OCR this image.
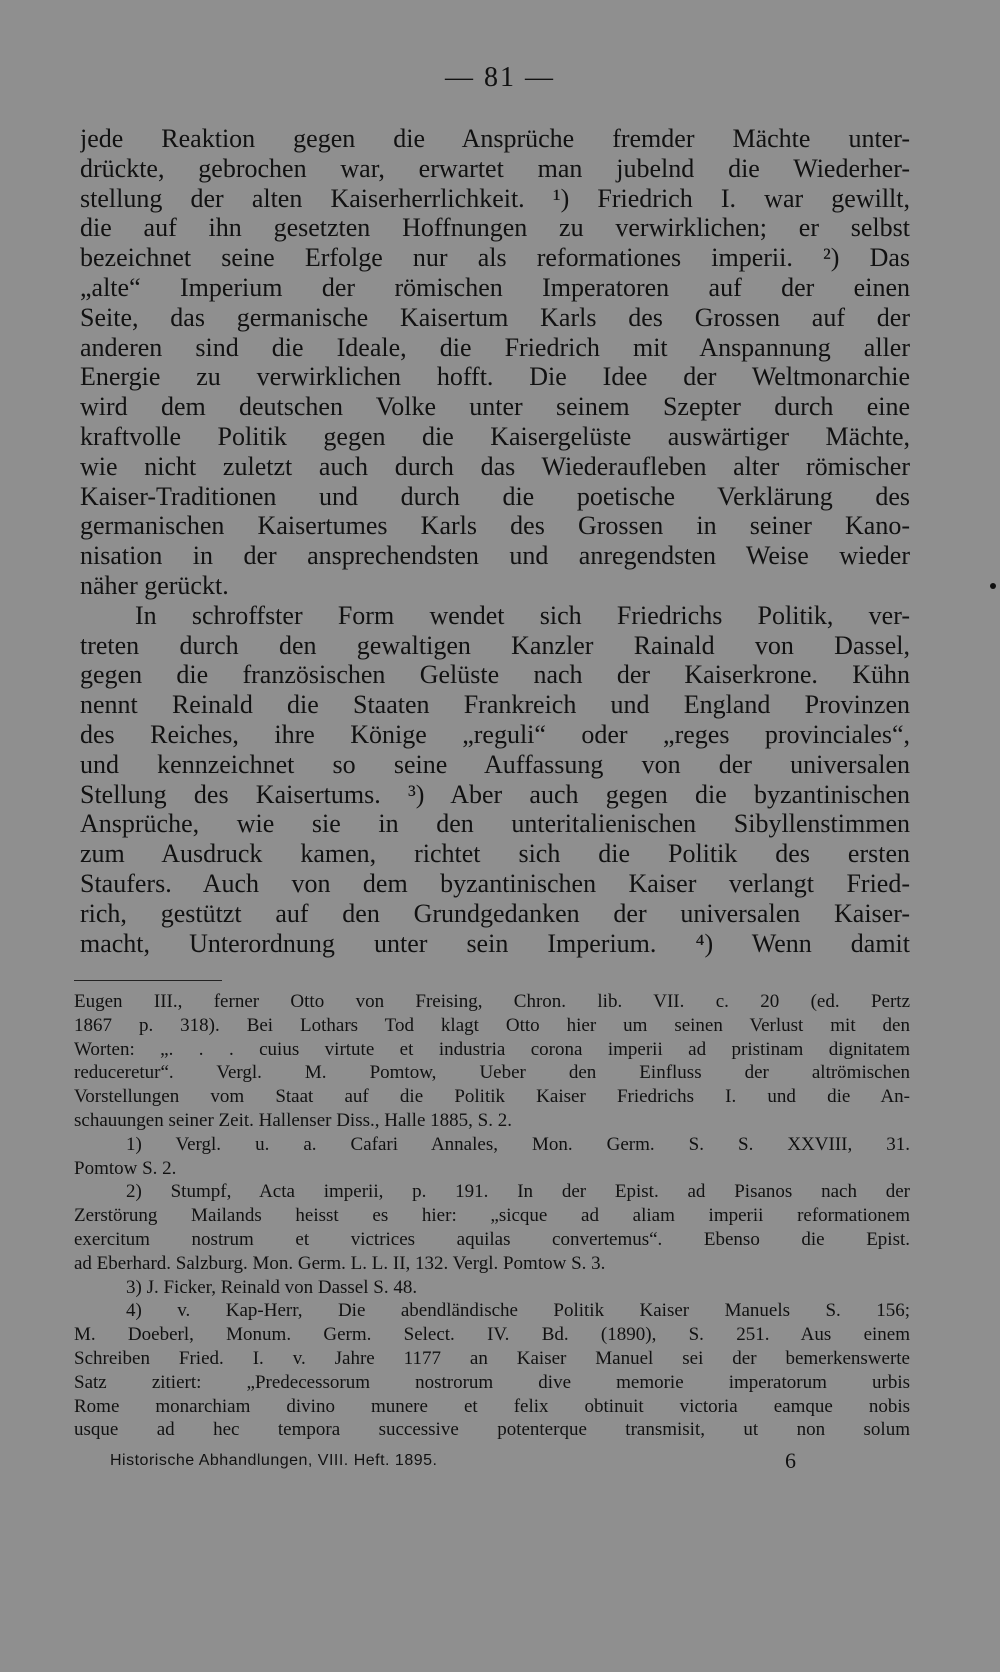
— 81 —
jede Reaktion gegen die Ansprüche fremder Mächte unter-
drückte, gebrochen war, erwartet man jubelnd die Wiederher-
stellung der alten Kaiserherrlichkeit. ¹) Friedrich I. war gewillt,
die auf ihn gesetzten Hoffnungen zu verwirklichen; er selbst
bezeichnet seine Erfolge nur als reformationes imperii. ²) Das
„alte“ Imperium der römischen Imperatoren auf der einen
Seite, das germanische Kaisertum Karls des Grossen auf der
anderen sind die Ideale, die Friedrich mit Anspannung aller
Energie zu verwirklichen hofft. Die Idee der Weltmonarchie
wird dem deutschen Volke unter seinem Szepter durch eine
kraftvolle Politik gegen die Kaisergelüste auswärtiger Mächte,
wie nicht zuletzt auch durch das Wiederaufleben alter römischer
Kaiser-Traditionen und durch die poetische Verklärung des
germanischen Kaisertumes Karls des Grossen in seiner Kano-
nisation in der ansprechendsten und anregendsten Weise wieder
näher gerückt.
In schroffster Form wendet sich Friedrichs Politik, ver-
treten durch den gewaltigen Kanzler Rainald von Dassel,
gegen die französischen Gelüste nach der Kaiserkrone. Kühn
nennt Reinald die Staaten Frankreich und England Provinzen
des Reiches, ihre Könige „reguli“ oder „reges provinciales“,
und kennzeichnet so seine Auffassung von der universalen
Stellung des Kaisertums. ³) Aber auch gegen die byzantinischen
Ansprüche, wie sie in den unteritalienischen Sibyllenstimmen
zum Ausdruck kamen, richtet sich die Politik des ersten
Staufers. Auch von dem byzantinischen Kaiser verlangt Fried-
rich, gestützt auf den Grundgedanken der universalen Kaiser-
macht, Unterordnung unter sein Imperium. ⁴) Wenn damit
Eugen III., ferner Otto von Freising, Chron. lib. VII. c. 20 (ed. Pertz
1867 p. 318). Bei Lothars Tod klagt Otto hier um seinen Verlust mit den
Worten: „. . . cuius virtute et industria corona imperii ad pristinam dignitatem
reduceretur“. Vergl. M. Pomtow, Ueber den Einfluss der altrömischen
Vorstellungen vom Staat auf die Politik Kaiser Friedrichs I. und die An-
schauungen seiner Zeit. Hallenser Diss., Halle 1885, S. 2.
1) Vergl. u. a. Cafari Annales, Mon. Germ. S. S. XXVIII, 31.
Pomtow S. 2.
2) Stumpf, Acta imperii, p. 191. In der Epist. ad Pisanos nach der
Zerstörung Mailands heisst es hier: „sicque ad aliam imperii reformationem
exercitum nostrum et victrices aquilas convertemus“. Ebenso die Epist.
ad Eberhard. Salzburg. Mon. Germ. L. L. II, 132. Vergl. Pomtow S. 3.
3) J. Ficker, Reinald von Dassel S. 48.
4) v. Kap-Herr, Die abendländische Politik Kaiser Manuels S. 156;
M. Doeberl, Monum. Germ. Select. IV. Bd. (1890), S. 251. Aus einem
Schreiben Fried. I. v. Jahre 1177 an Kaiser Manuel sei der bemerkenswerte
Satz zitiert: „Predecessorum nostrorum dive memorie imperatorum urbis
Rome monarchiam divino munere et felix obtinuit victoria eamque nobis
usque ad hec tempora successive potenterque transmisit, ut non solum
Historische Abhandlungen, VIII. Heft. 1895.	6
